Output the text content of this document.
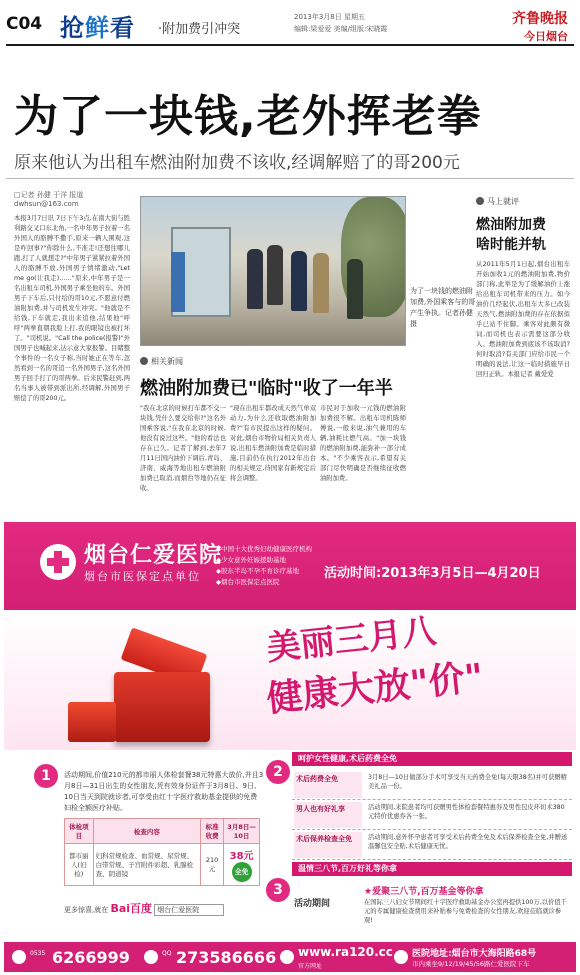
C04 抢鲜看 ·附加费引冲突
2013年3月8日 星期五
编辑:梁爱爱 美编/组版:宋晓霞
齐鲁晚报
今日烟台
为了一块钱,老外挥老拳
原来他认为出租车燃油附加费不该收,经调解赔了的哥200元
□记者 孙健 于洋 报道
dwhsun@163.com
本报3月7日讯 7日下午3点,在南大街与胜利路交叉口东北角,一名中年男子拉着一名外国人的胳膊不撒手,原来一辆人围观,这是咋回事?"你除什么,不准走!还想往哪儿跑,打了人就想走?"中年男子紧紧拉着外国人的胳膊不放,外国男子情绪激动,"Let me go(让我走)……"原来,中年男子是一名出租车司机,外国男子乘坐他的车。外国男子下车后,只付给的哥10元,不愿意付燃油附加费,并与司机发生冲突。"他就是不给钱,下车就走,我出来追他,结果他"呼呼"两拳直朝我脸上打,我的眼镜也被打坏了。"司机说。"Call the police(报警)"外国男子也喊起来,达示意大家报警。目睹整个事件的一名女子称,当时她正在等车,忽然看到一名的哥追一名外国男子,这名外国男子回手打了的哥两拳。后来民警赶到,两名当事人被带到派出所,经调解,外国男子赔偿了的哥200元。
为了一块钱的燃油附加费,外国乘客与的哥产生争执。记者孙健摄
相关新闻
燃油附加费已"临时"收了一年半
"我在北京的时候打车都不交一块钱,凭什么要交给你?"这名外国乘客说,"在我在北京的时候,他没有说过这些。"他的看法也存在已久。记者了解到,去年7月11日国内油价下调后,青岛、济南、威海等地出租车燃油附加费已取消,而烟台等地仍在征收。
"现在出租车都改成天然气单双动力,为什么还收取燃油附加费?"有市民提出这样的疑问。对此,烟台市物价局相关负责人说,出租车燃油附加费是临时措施,目前仍在执行2012年出台的相关规定,待国家有新规定后将会调整。
市民对于加收一元钱的燃油附加费很不解。出租车司机陈师傅说,一般来说,油气兼用的车辆,油耗比燃气高。"加一块钱的燃油附加费,能弥补一部分成本。"不少乘客表示,希望有关部门尽快明确是否继续征收燃油附加费。
马上就评
燃油附加费
啥时能并轨
从2011年5月1日起,烟台出租车开始加收1元的燃油附加费,物价部门称,此举是为了缓解油价上涨给出租车司机带来的压力。如今油价几经起伏,出租车大多已改装天然气,燃油附加费的存在依据似乎已站不住脚。乘客对此颇有微词,而司机也表示需要这部分收入。燃油附加费到底该不该取消?何时取消?有关部门应给市民一个明确的说法,让这一临时措施早日回归正轨。本报记者 戴爱爱
烟台仁爱医院
烟台市医保定点单位
◆中国十大优秀妇幼健康医疗机构
◆少女意外妊娠援助基地
◆胶东半岛不孕不育诊疗基地
◆烟台市医保定点医院
活动时间:2013年3月5日—4月20日
美丽三月八
健康大放"价"
1	活动期间,价值210元的都市丽人体检套餐38元特惠大放价,并且3月8日—31日出生的女性朋友,凭有效身份证件于3月8日、9日、10日当天到院就诊者,可享受由红十字医疗救助基金提供的免费妇检全额医疗补贴。
体检项目	检查内容	标准收费	3月8日—10日
都市丽人(妇检)	妇科常规检查、血常规、尿常规、白带常规、子宫附件彩超、乳腺检查、阴道镜	210元	38元 全免
更多惊喜,就在 Bai百度 烟台仁爱医院
2
呵护女性健康,术后药费全免
术后药费全免	3月8日—10日做部分手术可享受当天药费全免(每天限38名)并可获赠精美礼品一份。
男人也有好礼享	活动期间,来院患者均可获赠男性体检套餐特惠券及男性包皮环切术380元特价优惠券各一张。
术后保养检查全免	活动期间,意外怀孕患者可享受术后药费全免及术后保养检查全免,并赠送温馨包安全贴,术后健康无忧。
3
温情三八节,百万好礼等你拿
活动期间
★爱聚三八节,百万基金等你拿
在国际三八妇女节期间红十字医疗救助基金办公室再提供100万,以价值千元的专属健康检查费用来补贴参与免费检查的女性朋友,欢迎莅临就诊参观!
0535 6266999	QQ 273586666 www.ra120.cc
官方网址
医院地址:烟台市大海阳路68号
市内乘坐9/12/19/45/56路仁爱医院下车
